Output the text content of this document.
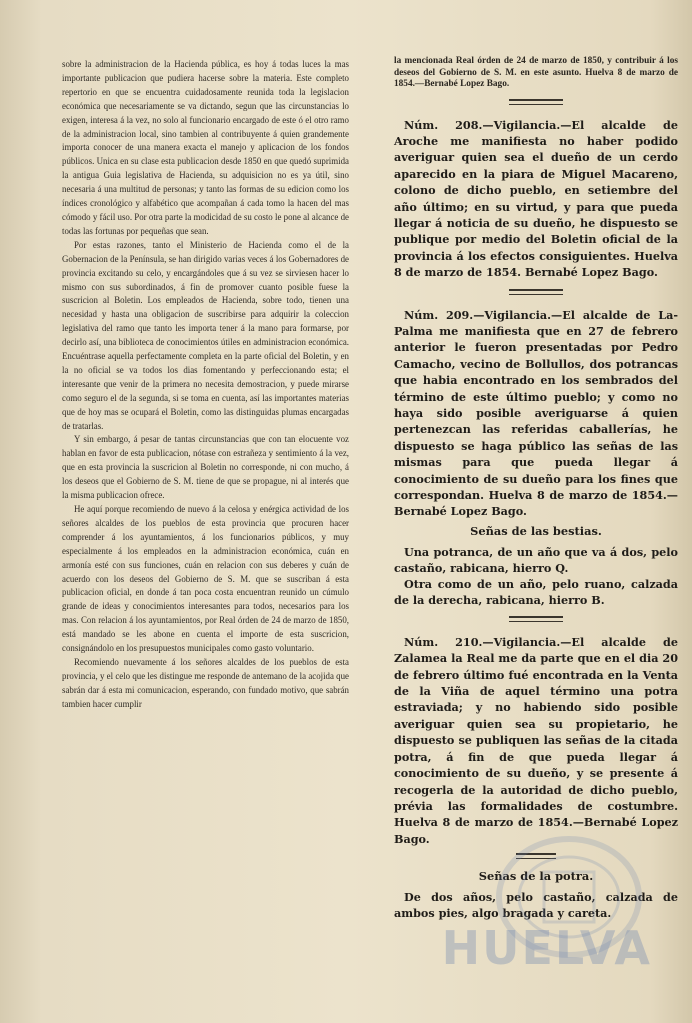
sobre la administracion de la Hacienda pública, es hoy á todas luces la mas importante publicacion que pudiera hacerse sobre la materia. Este completo repertorio en que se encuentra cuidadosamente reunida toda la legislacion económica que necesariamente se va dictando, segun que las circunstancias lo exigen, interesa á la vez, no solo al funcionario encargado de este ó el otro ramo de la administracion local, sino tambien al contribuyente á quien grandemente importa conocer de una manera exacta el manejo y aplicacion de los fondos públicos. Unica en su clase esta publicacion desde 1850 en que quedó suprimida la antigua Guia legislativa de Hacienda, su adquisicion no es ya útil, sino necesaria á una multitud de personas; y tanto las formas de su edicion como los índices cronológico y alfabético que acompañan á cada tomo la hacen del mas cómodo y fácil uso. Por otra parte la modicidad de su costo le pone al alcance de todas las fortunas por pequeñas que sean.

Por estas razones, tanto el Ministerio de Hacienda como el de la Gobernacion de la Península, se han dirigido varias veces á los Gobernadores de provincia excitando su celo, y encargándoles que á su vez se sirviesen hacer lo mismo con sus subordinados, á fin de promover cuanto posible fuese la suscricion al Boletin. Los empleados de Hacienda, sobre todo, tienen una necesidad y hasta una obligacion de suscribirse para adquirir la coleccion legislativa del ramo que tanto les importa tener á la mano para formarse, por decirlo así, una biblioteca de conocimientos útiles en administracion económica. Encuéntrase aquella perfectamente completa en la parte oficial del Boletin, y en la no oficial se va todos los dias fomentando y perfeccionando esta; el interesante que venir de la primera no necesita demostracion, y puede mirarse como seguro el de la segunda, si se toma en cuenta, así las importantes materias que de hoy mas se ocupará el Boletin, como las distinguidas plumas encargadas de tratarlas.

Y sin embargo, á pesar de tantas circunstancias que con tan elocuente voz hablan en favor de esta publicacion, nótase con estrañeza y sentimiento á la vez, que en esta provincia la suscricion al Boletin no corresponde, ni con mucho, á los deseos que el Gobierno de S. M. tiene de que se propague, ni al interés que la misma publicacion ofrece.

He aquí porque recomiendo de nuevo á la celosa y enérgica actividad de los señores alcaldes de los pueblos de esta provincia que procuren hacer comprender á los ayuntamientos, á los funcionarios públicos, y muy especialmente á los empleados en la administracion económica, cuán en armonía esté con sus funciones, cuán en relacion con sus deberes y cuán de acuerdo con los deseos del Gobierno de S. M. que se suscriban á esta publicacion oficial, en donde á tan poca costa encuentran reunido un cúmulo grande de ideas y conocimientos interesantes para todos, necesarios para los mas. Con relacion á los ayuntamientos, por Real órden de 24 de marzo de 1850, está mandado se les abone en cuenta el importe de esta suscricion, consignándolo en los presupuestos municipales como gasto voluntario.

Recomiendo nuevamente á los señores alcaldes de los pueblos de esta provincia, y el celo que les distingue me responde de antemano de la acojida que sabrán dar á esta mi comunicacion, esperando, con fundado motivo, que sabrán tambien hacer cumplir

la mencionada Real órden de 24 de marzo de 1850, y contribuir á los deseos del Gobierno de S. M. en este asunto. Huelva 8 de marzo de 1854.—Bernabé Lopez Bago.

Núm. 208.—Vigilancia.—El alcalde de Aroche me manifiesta no haber podido averiguar quien sea el dueño de un cerdo aparecido en la piara de Miguel Macareno, colono de dicho pueblo, en setiembre del año último; en su virtud, y para que pueda llegar á noticia de su dueño, he dispuesto se publique por medio del Boletin oficial de la provincia á los efectos consiguientes. Huelva 8 de marzo de 1854. Bernabé Lopez Bago.

Núm. 209.—Vigilancia.—El alcalde de La-Palma me manifiesta que en 27 de febrero anterior le fueron presentadas por Pedro Camacho, vecino de Bollullos, dos potrancas que habia encontrado en los sembrados del término de este último pueblo; y como no haya sido posible averiguarse á quien pertenezcan las referidas caballerías, he dispuesto se haga público las señas de las mismas para que pueda llegar á conocimiento de su dueño para los fines que correspondan. Huelva 8 de marzo de 1854.—Bernabé Lopez Bago.

Señas de las bestias.

Una potranca, de un año que va á dos, pelo castaño, rabicana, hierro Q.

Otra como de un año, pelo ruano, calzada de la derecha, rabicana, hierro B.

Núm. 210.—Vigilancia.—El alcalde de Zalamea la Real me da parte que en el dia 20 de febrero último fué encontrada en la Venta de la Viña de aquel término una potra estraviada; y no habiendo sido posible averiguar quien sea su propietario, he dispuesto se publiquen las señas de la citada potra, á fin de que pueda llegar á conocimiento de su dueño, y se presente á recogerla de la autoridad de dicho pueblo, prévia las formalidades de costumbre. Huelva 8 de marzo de 1854.—Bernabé Lopez Bago.

Señas de la potra.

De dos años, pelo castaño, calzada de ambos pies, algo bragada y careta.

HUELVA
